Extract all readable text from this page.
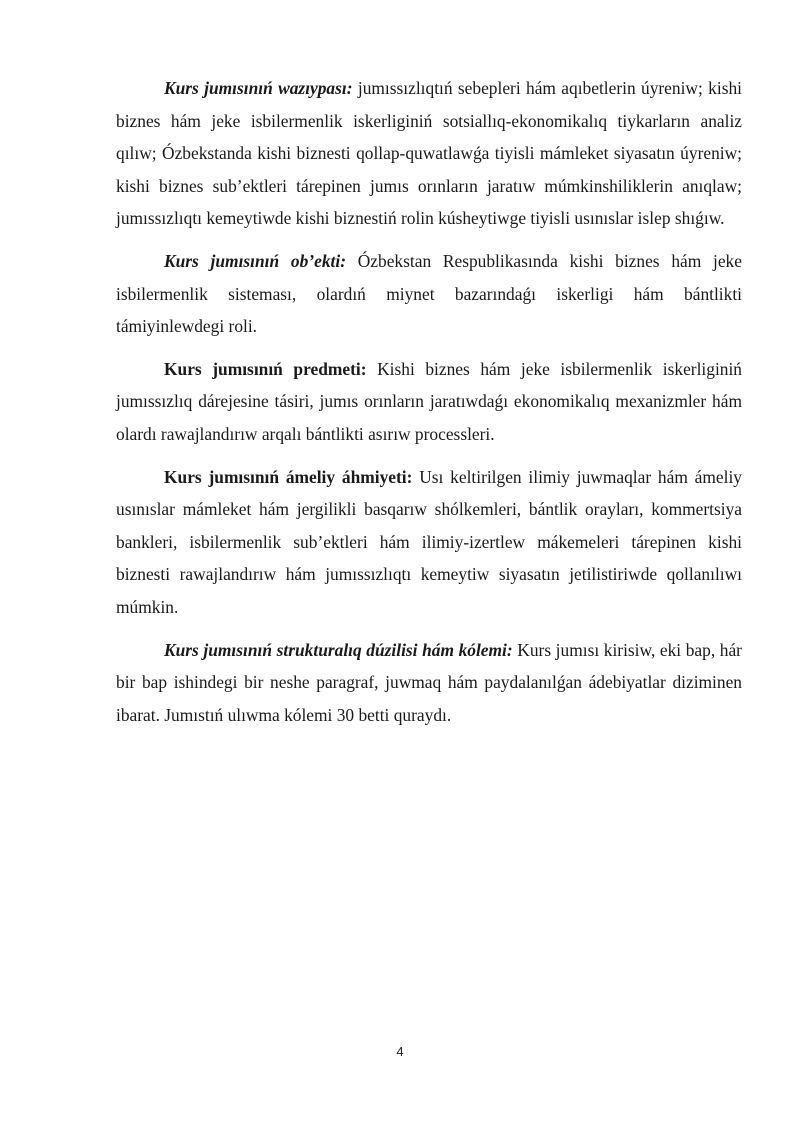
Kurs jumısınıń wazıypası: jumıssızlıqtıń sebepleri hám aqıbetlerin úyreniw; kishi biznes hám jeke isbilermenlik iskerliginiń sotsiallıq-ekonomikalıq tiykarların analiz qılıw; Ózbekstanda kishi biznesti qollap-quwatlawǵa tiyisli mámleket siyasatın úyreniw; kishi biznes sub’ektleri tárepinen jumıs orınların jaratıw múmkinshiliklerin anıqlaw; jumıssızlıqtı kemeytiwde kishi biznestiń rolin kúsheytiwge tiyisli usınıslar islep shıǵıw.

Kurs jumısınıń ob’ekti: Ózbekstan Respublikasında kishi biznes hám jeke isbilermenlik sisteması, olardıń miynet bazarındaǵı iskerligi hám bántlikti támiyinlewdegi roli.

Kurs jumısınıń predmeti: Kishi biznes hám jeke isbilermenlik iskerliginiń jumıssızlıq dárejesine tásiri, jumıs orınların jaratıwdaǵı ekonomikalıq mexanizmler hám olardı rawajlandırıw arqalı bántlikti asırıw processleri.

Kurs jumısınıń ámeliy áhmiyeti: Usı keltirilgen ilimiy juwmaqlar hám ámeliy usınıslar mámleket hám jergilikli basqarıw shólkemleri, bántlik orayları, kommertsiya bankleri, isbilermenlik sub’ektleri hám ilimiy-izertlew mákemeleri tárepinen kishi biznesti rawajlandırıw hám jumıssızlıqtı kemeytiw siyasatın jetilistiriwde qollanılıwı múmkin.

Kurs jumısınıń strukturalıq dúzilisi hám kólemi: Kurs jumısı kirisiw, eki bap, hár bir bap ishindegi bir neshe paragraf, juwmaq hám paydalanılǵan ádebiyatlar diziminen ibarat. Jumıstıń ulıwma kólemi 30 betti quraydı.

4
